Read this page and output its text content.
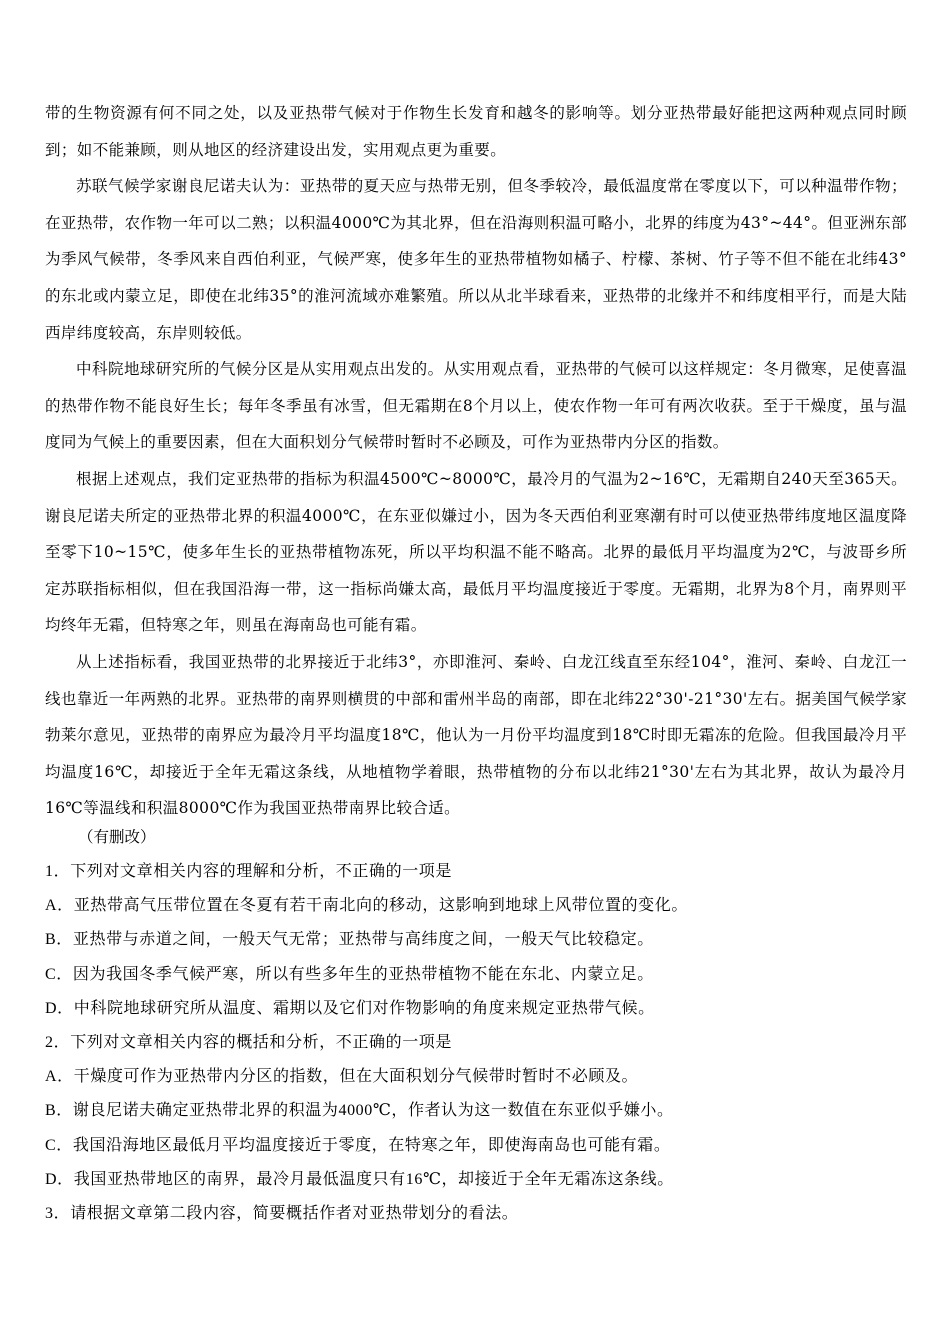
带的生物资源有何不同之处，以及亚热带气候对于作物生长发育和越冬的影响等。划分亚热带最好能把这两种观点同时顾到；如不能兼顾，则从地区的经济建设出发，实用观点更为重要。

苏联气候学家谢良尼诺夫认为：亚热带的夏天应与热带无别，但冬季较冷，最低温度常在零度以下，可以种温带作物；在亚热带，农作物一年可以二熟；以积温4000℃为其北界，但在沿海则积温可略小，北界的纬度为43°~44°。但亚洲东部为季风气候带，冬季风来自西伯利亚，气候严寒，使多年生的亚热带植物如橘子、柠檬、茶树、竹子等不但不能在北纬43°的东北或内蒙立足，即使在北纬35°的淮河流域亦难繁殖。所以从北半球看来，亚热带的北缘并不和纬度相平行，而是大陆西岸纬度较高，东岸则较低。

中科院地球研究所的气候分区是从实用观点出发的。从实用观点看，亚热带的气候可以这样规定：冬月微寒，足使喜温的热带作物不能良好生长；每年冬季虽有冰雪，但无霜期在8个月以上，使农作物一年可有两次收获。至于干燥度，虽与温度同为气候上的重要因素，但在大面积划分气候带时暂时不必顾及，可作为亚热带内分区的指数。

根据上述观点，我们定亚热带的指标为积温4500℃~8000℃，最冷月的气温为2~16℃，无霜期自240天至365天。谢良尼诺夫所定的亚热带北界的积温4000℃，在东亚似嫌过小，因为冬天西伯利亚寒潮有时可以使亚热带纬度地区温度降至零下10~15℃，使多年生长的亚热带植物冻死，所以平均积温不能不略高。北界的最低月平均温度为2℃，与波哥乡所定苏联指标相似，但在我国沿海一带，这一指标尚嫌太高，最低月平均温度接近于零度。无霜期，北界为8个月，南界则平均终年无霜，但特寒之年，则虽在海南岛也可能有霜。

从上述指标看，我国亚热带的北界接近于北纬3°，亦即淮河、秦岭、白龙江线直至东经104°，淮河、秦岭、白龙江一线也靠近一年两熟的北界。亚热带的南界则横贯的中部和雷州半岛的南部，即在北纬22°30'-21°30'左右。据美国气候学家勃莱尔意见，亚热带的南界应为最冷月平均温度18℃，他认为一月份平均温度到18℃时即无霜冻的危险。但我国最冷月平均温度16℃，却接近于全年无霜这条线，从地植物学着眼，热带植物的分布以北纬21°30'左右为其北界，故认为最冷月16℃等温线和积温8000℃作为我国亚热带南界比较合适。

（有删改）
1．下列对文章相关内容的理解和分析，不正确的一项是
A．亚热带高气压带位置在冬夏有若干南北向的移动，这影响到地球上风带位置的变化。
B．亚热带与赤道之间，一般天气无常；亚热带与高纬度之间，一般天气比较稳定。
C．因为我国冬季气候严寒，所以有些多年生的亚热带植物不能在东北、内蒙立足。
D．中科院地球研究所从温度、霜期以及它们对作物影响的角度来规定亚热带气候。
2．下列对文章相关内容的概括和分析，不正确的一项是
A．干燥度可作为亚热带内分区的指数，但在大面积划分气候带时暂时不必顾及。
B．谢良尼诺夫确定亚热带北界的积温为4000℃，作者认为这一数值在东亚似乎嫌小。
C．我国沿海地区最低月平均温度接近于零度，在特寒之年，即使海南岛也可能有霜。
D．我国亚热带地区的南界，最冷月最低温度只有16℃，却接近于全年无霜冻这条线。
3．请根据文章第二段内容，简要概括作者对亚热带划分的看法。
